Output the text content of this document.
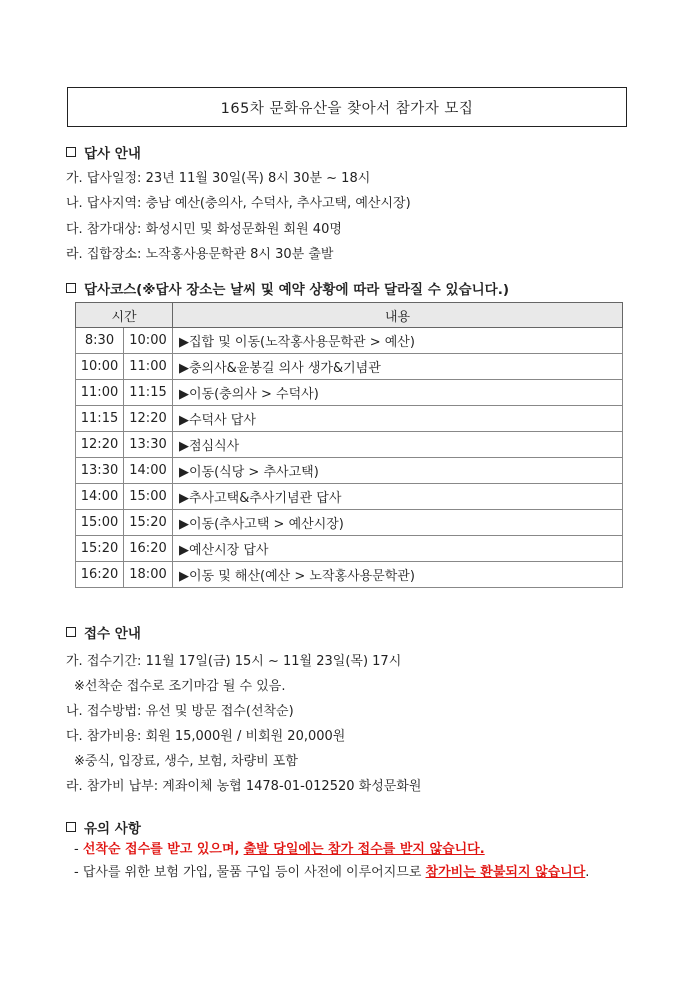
165차 문화유산을 찾아서 참가자 모집
답사 안내
가. 답사일정: 23년 11월 30일(목) 8시 30분 ~ 18시
나. 답사지역: 충남 예산(충의사, 수덕사, 추사고택, 예산시장)
다. 참가대상: 화성시민 및 화성문화원 회원 40명
라. 집합장소: 노작홍사용문학관 8시 30분 출발
답사코스(※답사 장소는 날씨 및 예약 상황에 따라 달라질 수 있습니다.)
시간		내용
8:30	10:00	▶집합 및 이동(노작홍사용문학관 > 예산)
10:00	11:00	▶충의사&윤봉길 의사 생가&기념관
11:00	11:15	▶이동(충의사 > 수덕사)
11:15	12:20	▶수덕사 답사
12:20	13:30	▶점심식사
13:30	14:00	▶이동(식당 > 추사고택)
14:00	15:00	▶추사고택&추사기념관 답사
15:00	15:20	▶이동(추사고택 > 예산시장)
15:20	16:20	▶예산시장 답사
16:20	18:00	▶이동 및 해산(예산 > 노작홍사용문학관)
접수 안내
가. 접수기간: 11월 17일(금) 15시 ~ 11월 23일(목) 17시
※선착순 접수로 조기마감 될 수 있음.
나. 접수방법: 유선 및 방문 접수(선착순)
다. 참가비용: 회원 15,000원 / 비회원 20,000원
※중식, 입장료, 생수, 보험, 차량비 포함
라. 참가비 납부: 계좌이체 농협 1478-01-012520 화성문화원
유의 사항
- 선착순 접수를 받고 있으며, 출발 당일에는 참가 접수를 받지 않습니다.
- 답사를 위한 보험 가입, 물품 구입 등이 사전에 이루어지므로 참가비는 환불되지 않습니다.
